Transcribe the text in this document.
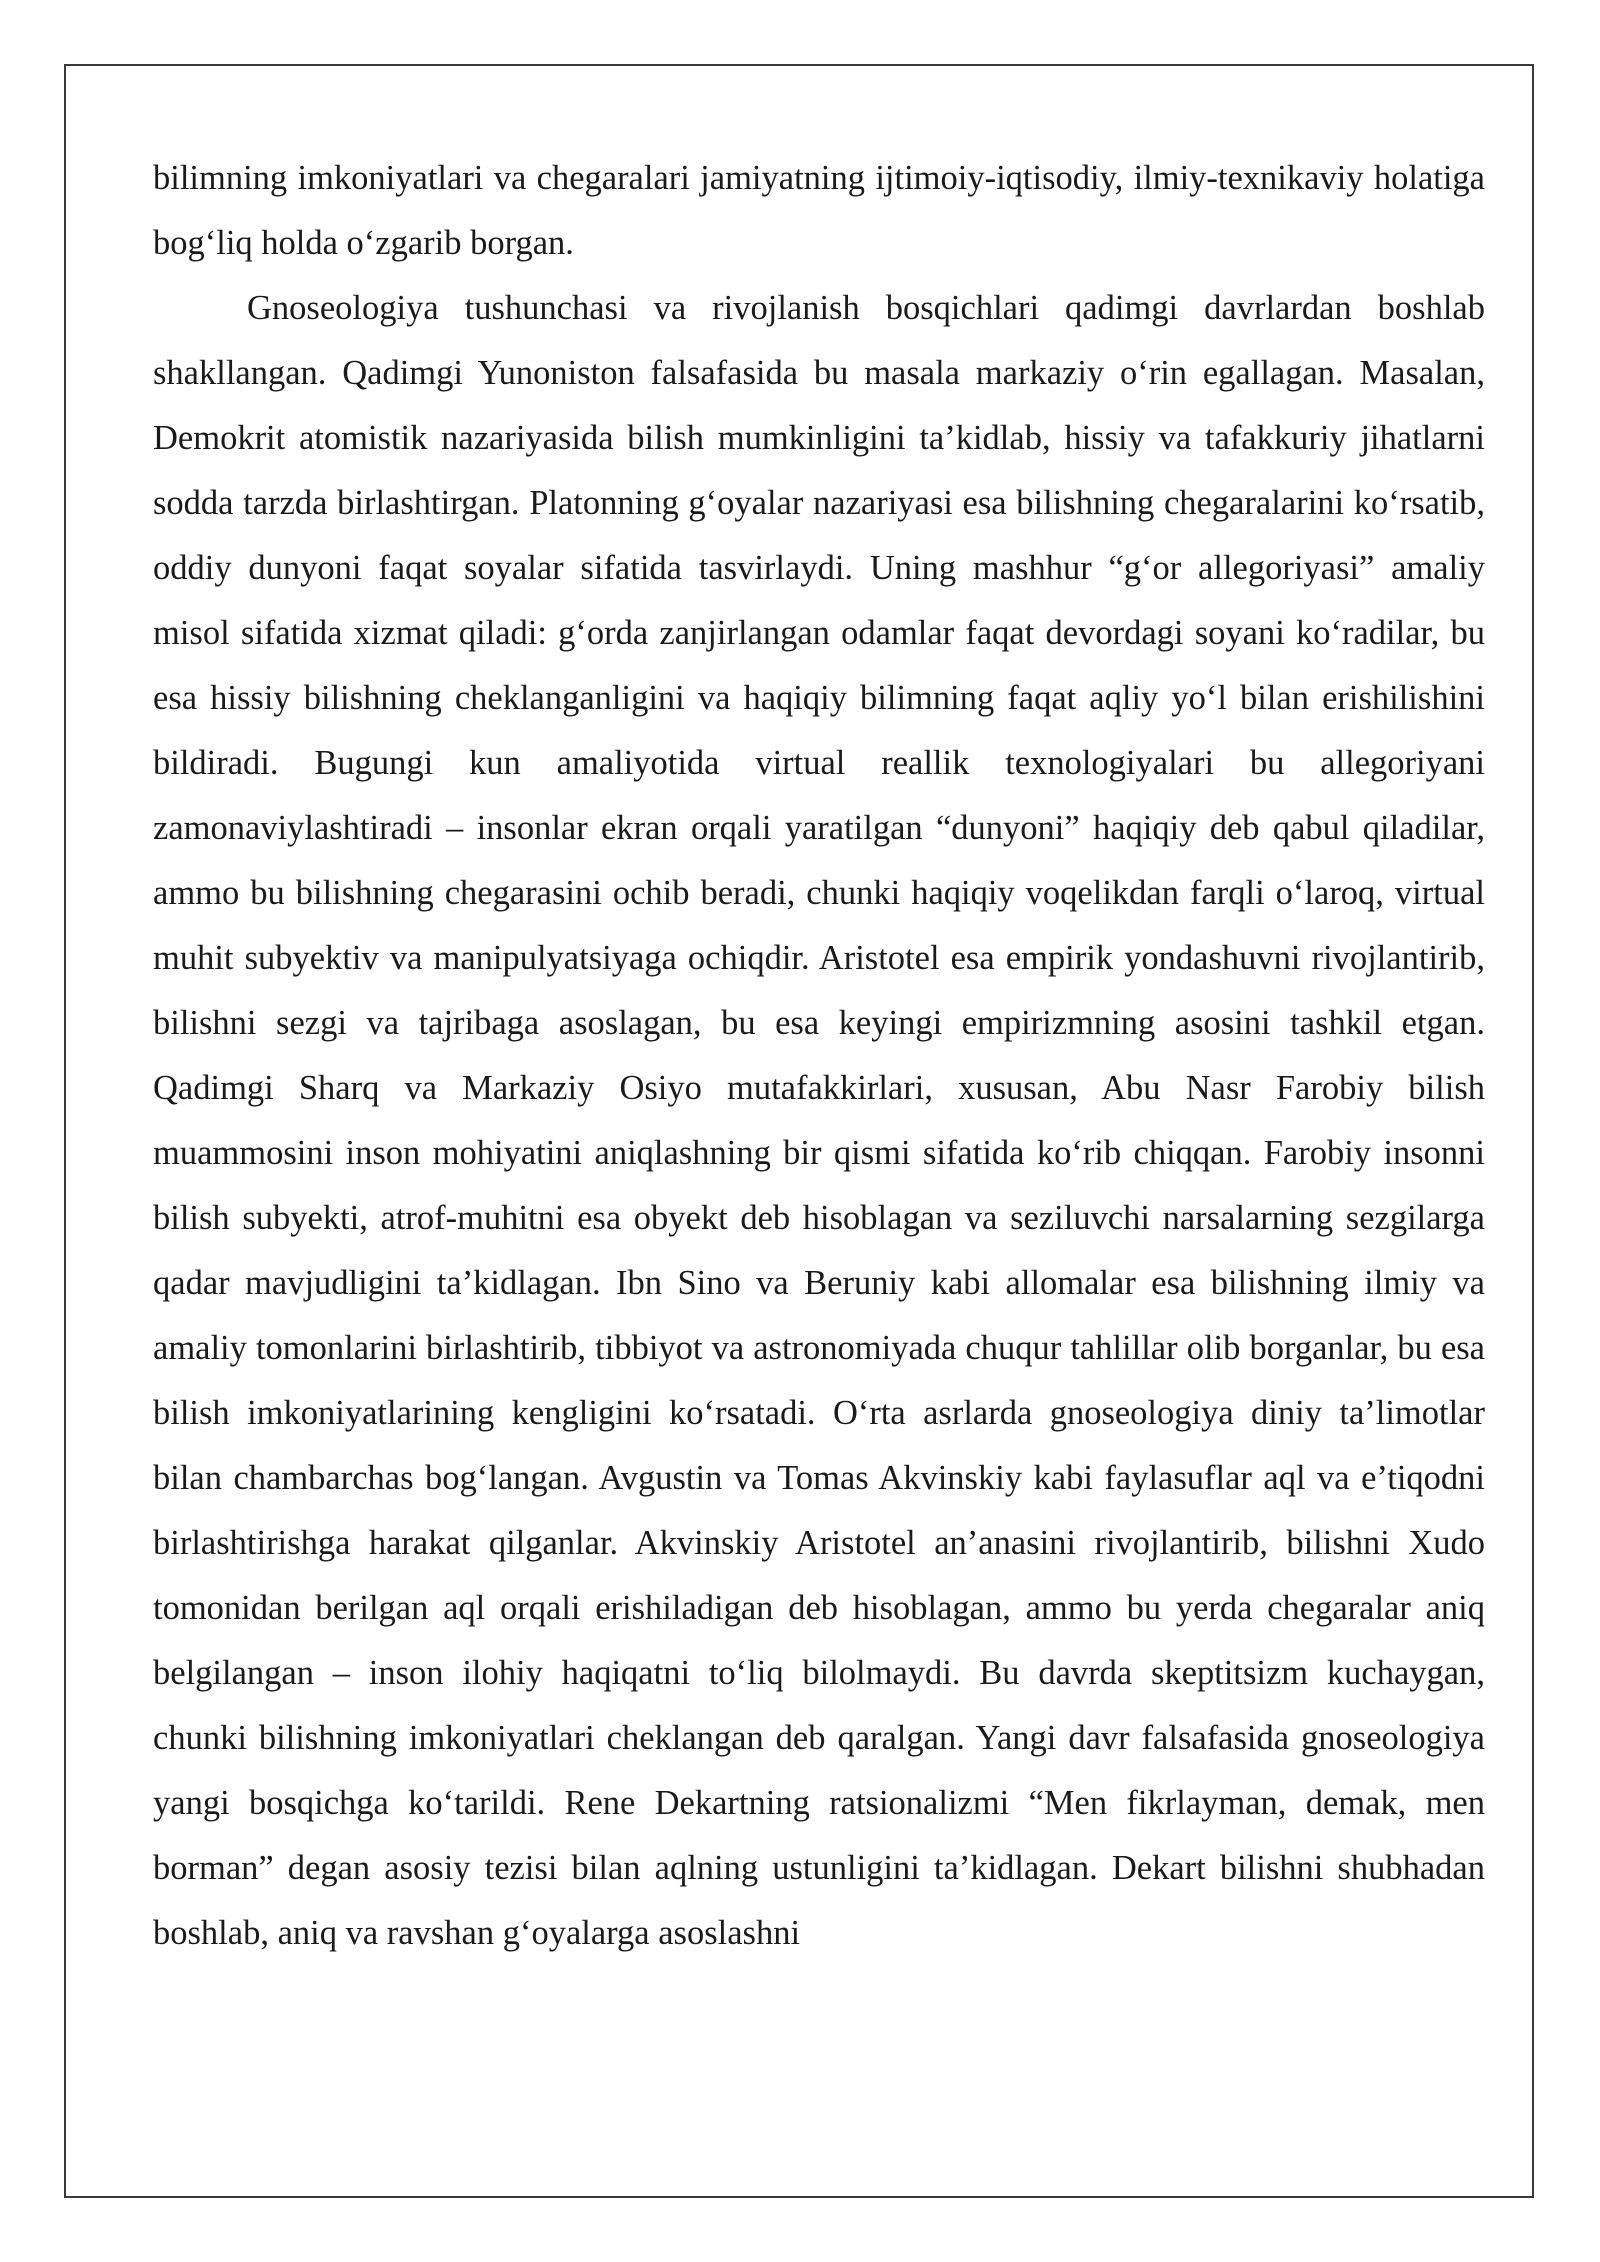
bilimning imkoniyatlari va chegaralari jamiyatning ijtimoiy-iqtisodiy, ilmiy-texnikaviy holatiga bog‘liq holda o‘zgarib borgan.

Gnoseologiya tushunchasi va rivojlanish bosqichlari qadimgi davrlardan boshlab shakllangan. Qadimgi Yunoniston falsafasida bu masala markaziy o‘rin egallagan. Masalan, Demokrit atomistik nazariyasida bilish mumkinligini ta’kidlab, hissiy va tafakkuriy jihatlarni sodda tarzda birlashtirgan. Platonning g‘oyalar nazariyasi esa bilishning chegaralarini ko‘rsatib, oddiy dunyoni faqat soyalar sifatida tasvirlaydi. Uning mashhur “g‘or allegoriyasi” amaliy misol sifatida xizmat qiladi: g‘orda zanjirlangan odamlar faqat devordagi soyani ko‘radilar, bu esa hissiy bilishning cheklanganligini va haqiqiy bilimning faqat aqliy yo‘l bilan erishilishini bildiradi. Bugungi kun amaliyotida virtual reallik texnologiyalari bu allegoriyani zamonaviylashtiradi – insonlar ekran orqali yaratilgan “dunyoni” haqiqiy deb qabul qiladilar, ammo bu bilishning chegarasini ochib beradi, chunki haqiqiy voqelikdan farqli o‘laroq, virtual muhit subyektiv va manipulyatsiyaga ochiqdir. Aristotel esa empirik yondashuvni rivojlantirib, bilishni sezgi va tajribaga asoslagan, bu esa keyingi empirizmning asosini tashkil etgan. Qadimgi Sharq va Markaziy Osiyo mutafakkirlari, xususan, Abu Nasr Farobiy bilish muammosini inson mohiyatini aniqlashning bir qismi sifatida ko‘rib chiqqan. Farobiy insonni bilish subyekti, atrof-muhitni esa obyekt deb hisoblagan va seziluvchi narsalarning sezgilarga qadar mavjudligini ta’kidlagan. Ibn Sino va Beruniy kabi allomalar esa bilishning ilmiy va amaliy tomonlarini birlashtirib, tibbiyot va astronomiyada chuqur tahlillar olib borganlar, bu esa bilish imkoniyatlarining kengligini ko‘rsatadi. O‘rta asrlarda gnoseologiya diniy ta’limotlar bilan chambarchas bog‘langan. Avgustin va Tomas Akvinskiy kabi faylasuflar aql va e’tiqodni birlashtirishga harakat qilganlar. Akvinskiy Aristotel an’anasini rivojlantirib, bilishni Xudo tomonidan berilgan aql orqali erishiladigan deb hisoblagan, ammo bu yerda chegaralar aniq belgilangan – inson ilohiy haqiqatni to‘liq bilolmaydi. Bu davrda skeptitsizm kuchaygan, chunki bilishning imkoniyatlari cheklangan deb qaralgan. Yangi davr falsafasida gnoseologiya yangi bosqichga ko‘tarildi. Rene Dekartning ratsionalizmi “Men fikrlayman, demak, men borman” degan asosiy tezisi bilan aqlning ustunligini ta’kidlagan. Dekart bilishni shubhadan boshlab, aniq va ravshan g‘oyalarga asoslashni
